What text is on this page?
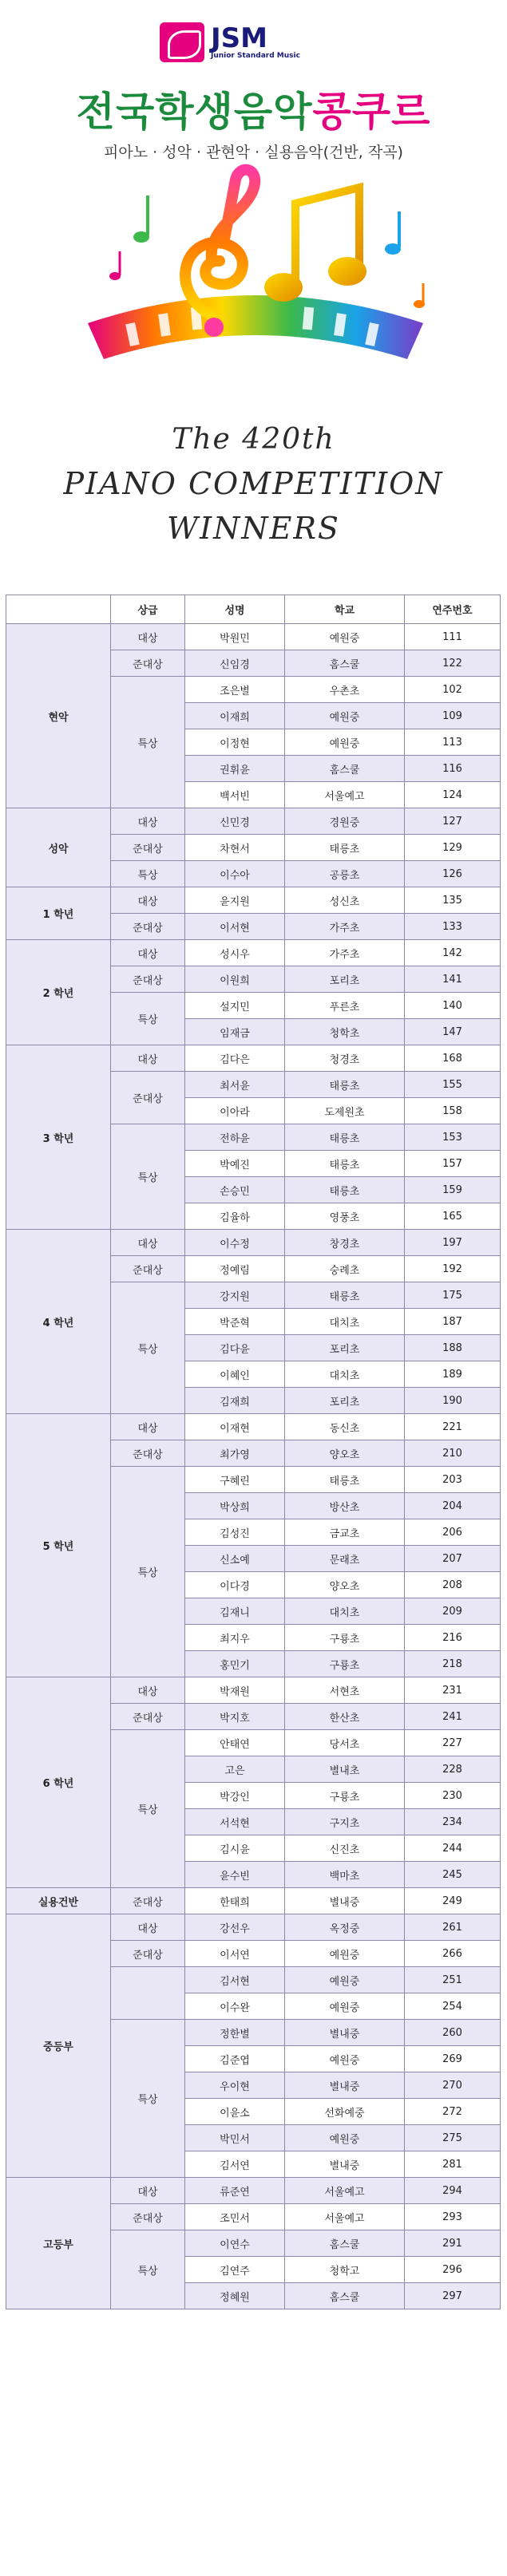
JSM
Junior Standard Music
전국학생음악콩쿠르
피아노 · 성악 · 관현악 · 실용음악(건반, 작곡)
The 420th
PIANO COMPETITION
WINNERS
	상급	성명	학교	연주번호
현악	대상	박원민	예원중	111
	준대상	신임경	홈스쿨	122
	특상	조은별	우촌초	102
		이재희	예원중	109
		이정현	예원중	113
		권휘윤	홈스쿨	116
		백서빈	서울예고	124
성악	대상	신민경	경원중	127
	준대상	차현서	태릉초	129
	특상	이수아	공릉초	126
1 학년	대상	윤지원	성신초	135
	준대상	이서현	가주초	133
2 학년	대상	성시우	가주초	142
	준대상	이원희	포리초	141
	특상	설지민	푸른초	140
		임재금	청학초	147
3 학년	대상	김다은	청경초	168
	준대상	최서윤	태릉초	155
		이아라	도제원초	158
	특상	전하윤	태릉초	153
		박예진	태릉초	157
		손승민	태릉초	159
		김율하	영풍초	165
4 학년	대상	이수정	창경초	197
	준대상	정예림	숭례초	192
	특상	강지원	태릉초	175
		박준혁	대치초	187
		김다윤	포리초	188
		이혜인	대치초	189
		김재희	포리초	190
5 학년	대상	이재현	동신초	221
	준대상	최가영	양오초	210
	특상	구혜린	태릉초	203
		박상희	방산초	204
		김성진	금교초	206
		신소예	문래초	207
		이다경	양오초	208
		김재니	대치초	209
		최지우	구룡초	216
		홍민기	구룡초	218
6 학년	대상	박재원	서현초	231
	준대상	박지호	한산초	241
	특상	안태연	당서초	227
		고은	별내초	228
		박강인	구룡초	230
		서석현	구지초	234
		김시윤	신진초	244
		윤수빈	백마초	245
실용건반	준대상	한태희	별내중	249
중등부	대상	강선우	옥정중	261
	준대상	이서연	예원중	266
		김서현	예원중	251
		이수완	예원중	254
	특상	정한별	별내중	260
		김준엽	예원중	269
		우이현	별내중	270
		이윤소	선화예중	272
		박민서	예원중	275
		김서연	별내중	281
고등부	대상	류준연	서울예고	294
	준대상	조민서	서울예고	293
	특상	이연수	홈스쿨	291
		김연주	청학고	296
		정혜원	홈스쿨	297
